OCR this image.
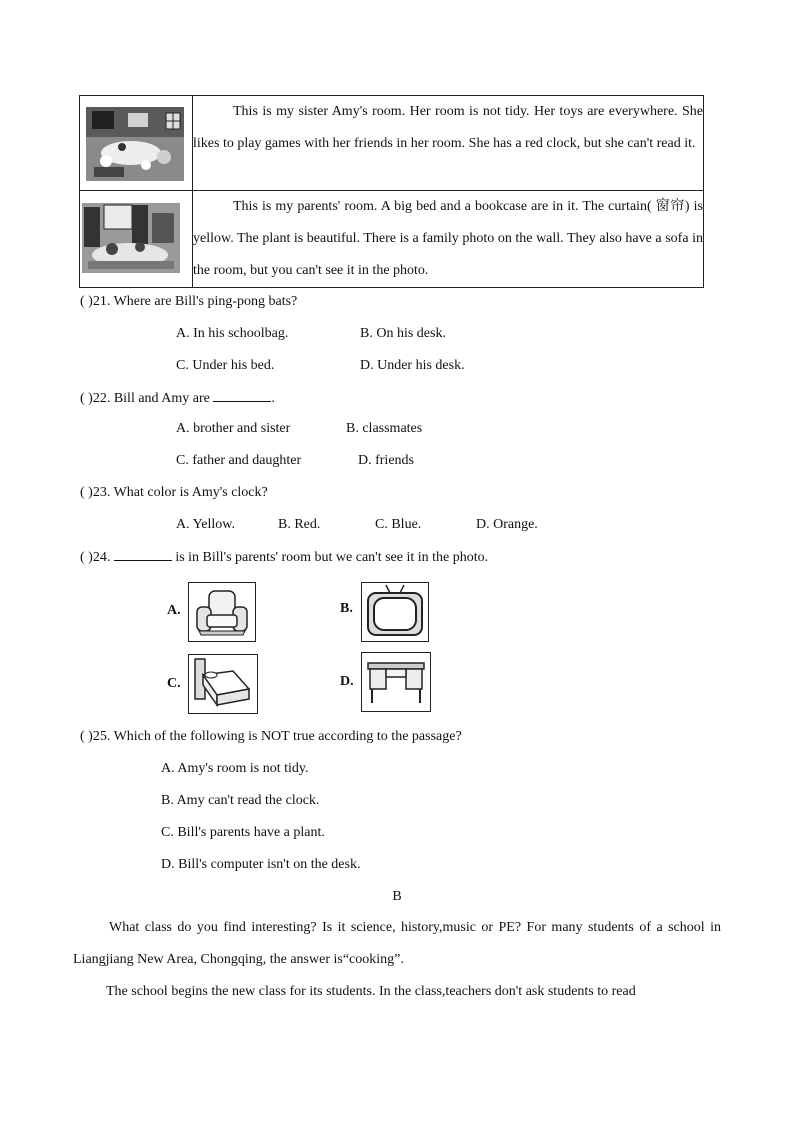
This is my sister Amy's room. Her room is not tidy. Her toys are everywhere. She likes to play games with her friends in her room. She has a red clock, but she can't read it.

This is my parents' room. A big bed and a bookcase are in it. The curtain( 窗帘) is yellow. The plant is beautiful. There is a family photo on the wall. They also have a sofa in the room, but you can't see it in the photo.

( )21. Where are Bill's ping-pong bats?
A. In his schoolbag.	B. On his desk.
C. Under his bed.	D. Under his desk.
( )22. Bill and Amy are	.
A. brother and sister	B. classmates
C. father and daughter	D. friends
( )23. What color is Amy's clock?
A. Yellow.	B. Red.	C. Blue.	D. Orange.
( )24.	is in Bill's parents' room but we can't see it in the photo.
A.	B.
C.	D.
( )25. Which of the following is NOT true according to the passage?
A. Amy's room is not tidy.
B. Amy can't read the clock.
C. Bill's parents have a plant.
D. Bill's computer isn't on the desk.
B
What class do you find interesting? Is it science, history,music or PE? For many students of a school in Liangjiang New Area, Chongqing, the answer is“cooking”.
The school begins the new class for its students. In the class,teachers don't ask students to read
